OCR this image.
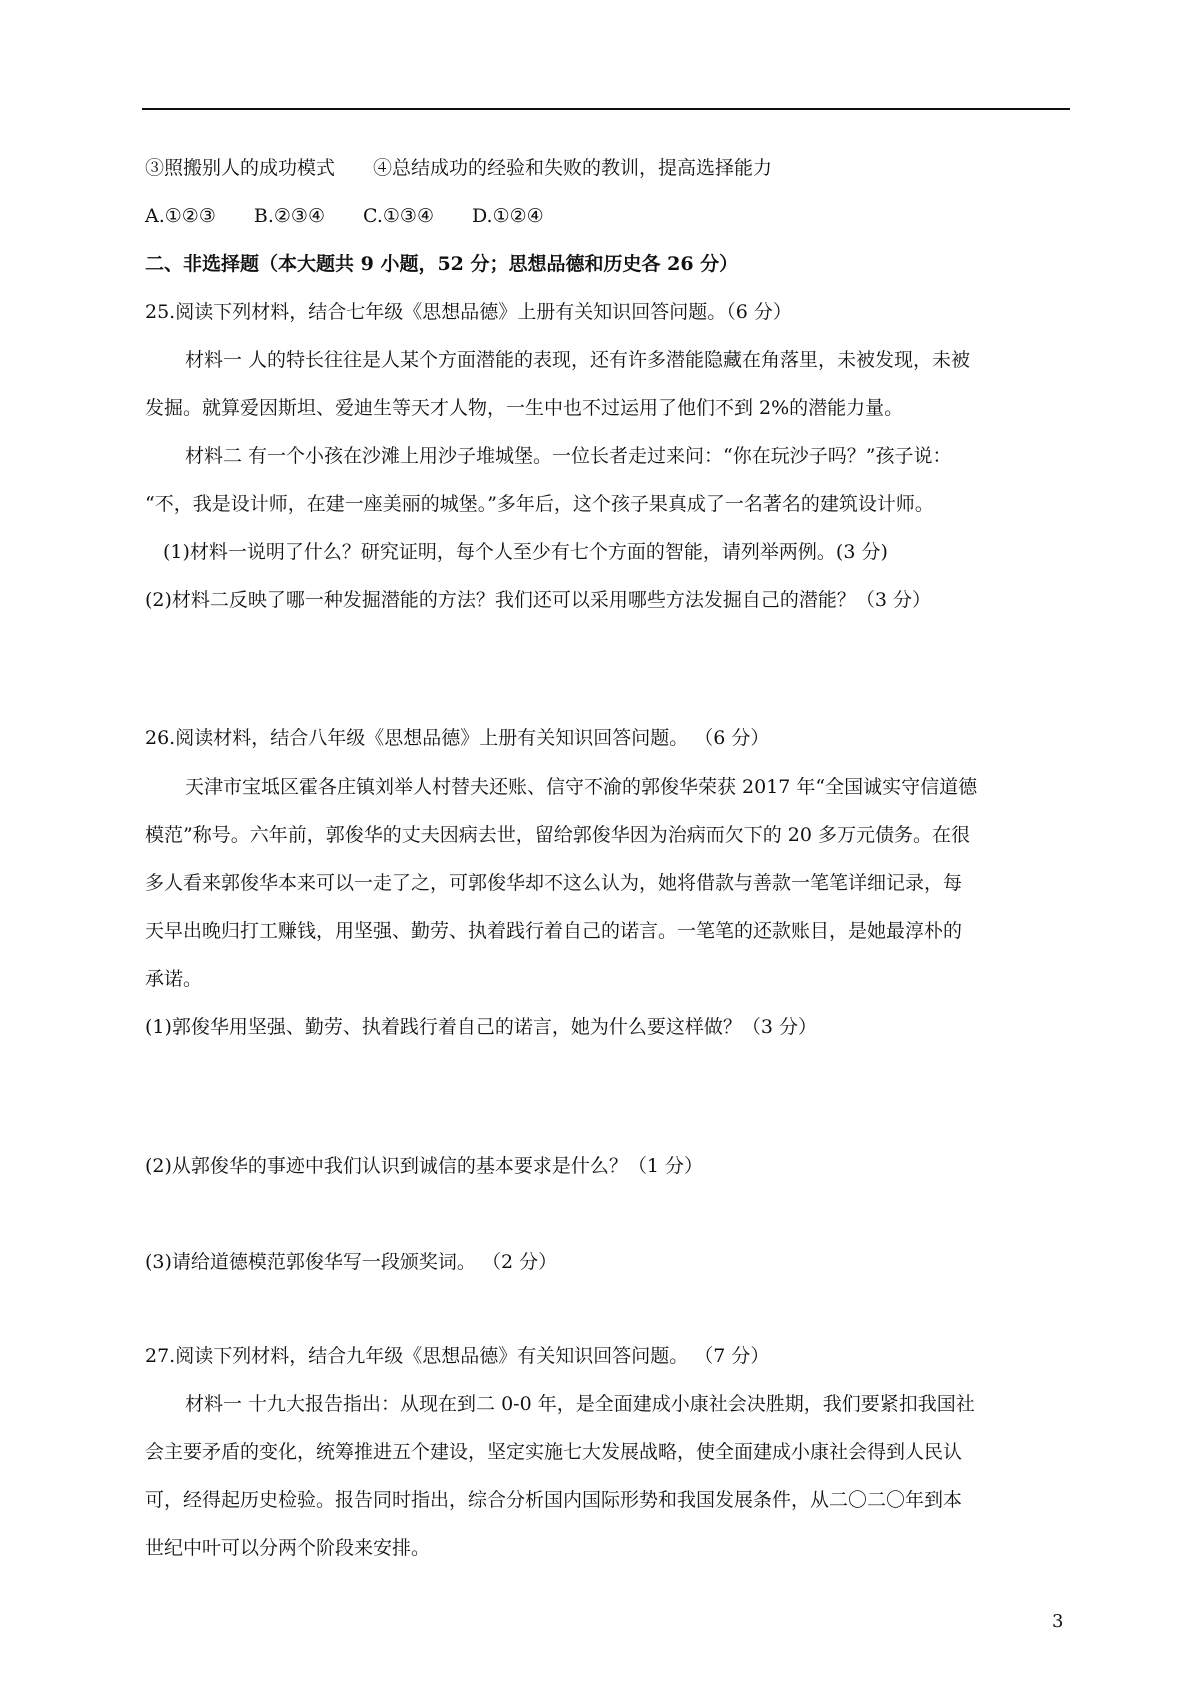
③照搬别人的成功模式 ④总结成功的经验和失败的教训，提高选择能力
A.①②③ B.②③④ C.①③④ D.①②④
二、非选择题（本大题共 9 小题，52 分；思想品德和历史各 26 分）
25.阅读下列材料，结合七年级《思想品德》上册有关知识回答问题。（6 分）
材料一 人的特长往往是人某个方面潜能的表现，还有许多潜能隐藏在角落里，未被发现，未被
发掘。就算爱因斯坦、爱迪生等天才人物，一生中也不过运用了他们不到 2%的潜能力量。
材料二 有一个小孩在沙滩上用沙子堆城堡。一位长者走过来问：“你在玩沙子吗？”孩子说：
“不，我是设计师，在建一座美丽的城堡。”多年后，这个孩子果真成了一名著名的建筑设计师。
(1)材料一说明了什么？研究证明，每个人至少有七个方面的智能，请列举两例。(3 分)
(2)材料二反映了哪一种发掘潜能的方法？我们还可以采用哪些方法发掘自己的潜能？（3 分）
26.阅读材料，结合八年级《思想品德》上册有关知识回答问题。 （6 分）
天津市宝坻区霍各庄镇刘举人村替夫还账、信守不渝的郭俊华荣获 2017 年“全国诚实守信道德
模范”称号。六年前，郭俊华的丈夫因病去世，留给郭俊华因为治病而欠下的 20 多万元债务。在很
多人看来郭俊华本来可以一走了之，可郭俊华却不这么认为，她将借款与善款一笔笔详细记录，每
天早出晚归打工赚钱，用坚强、勤劳、执着践行着自己的诺言。一笔笔的还款账目，是她最淳朴的
承诺。
(1)郭俊华用坚强、勤劳、执着践行着自己的诺言，她为什么要这样做？（3 分）
(2)从郭俊华的事迹中我们认识到诚信的基本要求是什么？（1 分）
(3)请给道德模范郭俊华写一段颁奖词。 （2 分）
27.阅读下列材料，结合九年级《思想品德》有关知识回答问题。 （7 分）
材料一 十九大报告指出：从现在到二 0-0 年，是全面建成小康社会决胜期，我们要紧扣我国社
会主要矛盾的变化，统筹推进五个建设，坚定实施七大发展战略，使全面建成小康社会得到人民认
可，经得起历史检验。报告同时指出，综合分析国内国际形势和我国发展条件，从二〇二〇年到本
世纪中叶可以分两个阶段来安排。
3
